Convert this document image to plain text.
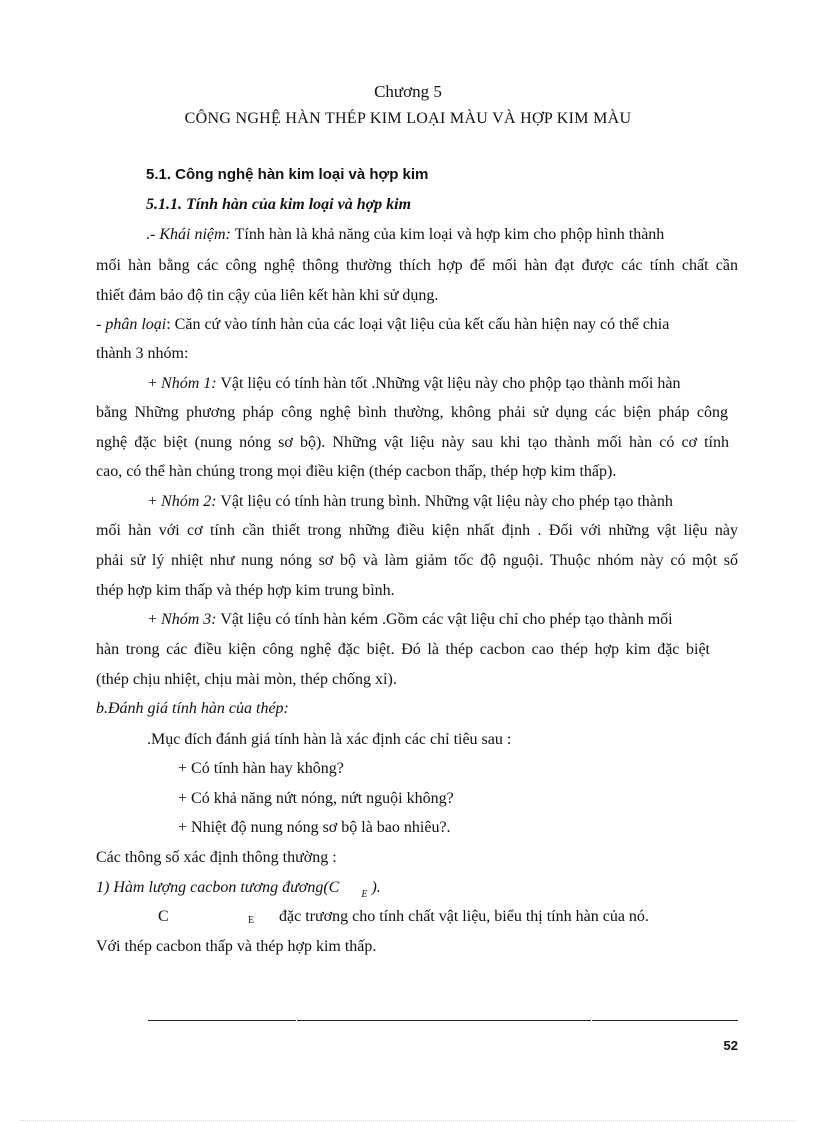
Chương 5
CÔNG NGHỆ HÀN THÉP KIM LOẠI MÀU VÀ HỢP KIM MÀU
5.1. Công nghệ hàn kim loại và hợp kim
5.1.1. Tính hàn của kim loại và hợp kim
.- Khái niệm: Tính hàn là khả năng của kim loại và hợp kim cho phộp hình thành
mối hàn bằng các công nghệ thông thường thích hợp để mối hàn đạt được các tính chất cần
thiết đảm bảo độ tin cậy của liên kết hàn khi sử dụng.
- phân loại: Căn cứ vào tính hàn của các loại vật liệu của kết cấu hàn hiện nay có thể chia
thành 3 nhóm:
+ Nhóm 1: Vật liệu có tính hàn tốt .Những vật liệu này cho phộp tạo thành mối hàn
bằng Những phương pháp công nghệ bình thường, không phải sử dụng các biện pháp công
nghệ đặc biệt (nung nóng sơ bộ). Những vật liệu này sau khi tạo thành mối hàn có cơ tính
cao, có thể hàn chúng trong mọi điều kiện (thép cacbon thấp, thép hợp kim thấp).
+ Nhóm 2: Vật liệu có tính hàn trung bình. Những vật liệu này cho phép tạo thành
mối hàn với cơ tính cần thiết trong những điều kiện nhất định . Đối với những vật liệu này
phải sử lý nhiệt như nung nóng sơ bộ và làm giảm tốc độ nguội. Thuộc nhóm này có một số
thép hợp kim thấp và thép hợp kim trung bình.
+ Nhóm 3: Vật liệu có tính hàn kém .Gồm các vật liệu chỉ cho phép tạo thành mối
hàn trong các điều kiện công nghệ đặc biệt. Đó là thép cacbon cao thép hợp kim đặc biệt
(thép chịu nhiệt, chịu mài mòn, thép chống xỉ).
b.Đánh giá tính hàn của thép:
.Mục đích đánh giá tính hàn là xác định các chỉ tiêu sau :
+ Có tính hàn hay không?
+ Có khả năng nứt nóng, nứt nguội không?
+ Nhiệt độ nung nóng sơ bộ là bao nhiêu?.
Các thông số xác định thông thường :
1) Hàm lượng cacbon tương đương(C $_E$ ).
C	E đặc trương cho tính chất vật liệu, biểu thị tính hàn của nó.
Với thép cacbon thấp và thép hợp kim thấp.
52
